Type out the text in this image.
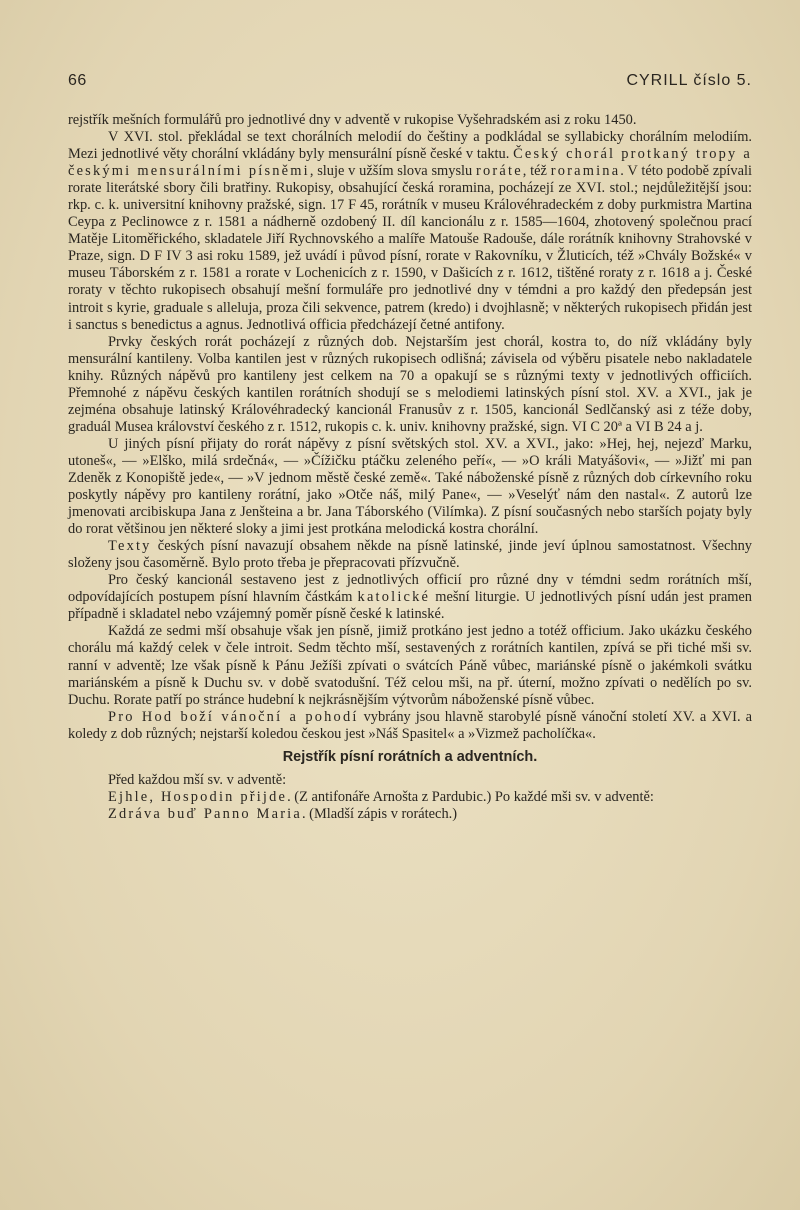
66	CYRILL číslo 5.

rejstřík mešních formulářů pro jednotlivé dny v adventě v rukopise Vyšehradském asi z roku 1450.

V XVI. stol. překládal se text chorálních melodií do češtiny a podkládal se syllabicky chorálním melodiím. Mezi jednotlivé věty chorální vkládány byly mensurální písně české v taktu. Český chorál protkaný tropy a českými mensurálními písněmi, sluje v užším slova smyslu roráte, též roramina. V této podobě zpívali rorate literátské sbory čili bratřiny. Rukopisy, obsahující česká roramina, pocházejí ze XVI. stol.; nejdůležitější jsou: rkp. c. k. universitní knihovny pražské, sign. 17 F 45, rorátník v museu Královéhradeckém z doby purkmistra Martina Ceypa z Peclinowce z r. 1581 a nádherně ozdobený II. díl kancionálu z r. 1585—1604, zhotovený společnou prací Matěje Litoměřického, skladatele Jiří Rychnovského a malíře Matouše Radouše, dále rorátník knihovny Strahovské v Praze, sign. D F IV 3 asi roku 1589, jež uvádí i původ písní, rorate v Rakovníku, v Žluticích, též »Chvály Božské« v museu Táborském z r. 1581 a rorate v Lochenicích z r. 1590, v Dašicích z r. 1612, tištěné roraty z r. 1618 a j. České roraty v těchto rukopisech obsahují mešní formuláře pro jednotlivé dny v témdni a pro každý den předepsán jest introit s kyrie, graduale s alleluja, proza čili sekvence, patrem (kredo) i dvojhlasně; v některých rukopisech přidán jest i sanctus s benedictus a agnus. Jednotlivá officia předcházejí četné antifony.

Prvky českých rorát pocházejí z různých dob. Nejstarším jest chorál, kostra to, do níž vkládány byly mensurální kantileny. Volba kantilen jest v různých rukopisech odlišná; závisela od výběru pisatele nebo nakladatele knihy. Různých nápěvů pro kantileny jest celkem na 70 a opakují se s různými texty v jednotlivých officiích. Přemnohé z nápěvu českých kantilen rorátních shodují se s melodiemi latinských písní stol. XV. a XVI., jak je zejména obsahuje latinský Královéhradecký kancionál Franusův z r. 1505, kancionál Sedlčanský asi z téže doby, graduál Musea království českého z r. 1512, rukopis c. k. univ. knihovny pražské, sign. VI C 20ª a VI B 24 a j.

U jiných písní přijaty do rorát nápěvy z písní světských stol. XV. a XVI., jako: »Hej, hej, nejezď Marku, utoneš«, — »Elško, milá srdečná«, — »Čížičku ptáčku zeleného peří«, — »O králi Matyášovi«, — »Jižť mi pan Zdeněk z Konopiště jede«, — »V jednom městě české země«. Také náboženské písně z různých dob církevního roku poskytly nápěvy pro kantileny rorátní, jako »Otče náš, milý Pane«, — »Veselýť nám den nastal«. Z autorů lze jmenovati arcibiskupa Jana z Jenšteina a br. Jana Táborského (Vilímka). Z písní současných nebo starších pojaty byly do rorat většinou jen některé sloky a jimi jest protkána melodická kostra chorální.

Texty českých písní navazují obsahem někde na písně latinské, jinde jeví úplnou samostatnost. Všechny složeny jsou časoměrně. Bylo proto třeba je přepracovati přízvučně.

Pro český kancionál sestaveno jest z jednotlivých officií pro různé dny v témdni sedm rorátních mší, odpovídajících postupem písní hlavním částkám katolické mešní liturgie. U jednotlivých písní udán jest pramen případně i skladatel nebo vzájemný poměr písně české k latinské.

Každá ze sedmi mší obsahuje však jen písně, jimiž protkáno jest jedno a totéž officium. Jako ukázku českého chorálu má každý celek v čele introit. Sedm těchto mší, sestavených z rorátních kantilen, zpívá se při tiché mši sv. ranní v adventě; lze však písně k Pánu Ježíši zpívati o svátcích Páně vůbec, mariánské písně o jakémkoli svátku mariánském a písně k Duchu sv. v době svatodušní. Též celou mši, na př. úterní, možno zpívati o nedělích po sv. Duchu. Rorate patří po stránce hudební k nejkrásnějším výtvorům náboženské písně vůbec.

Pro Hod boží vánoční a pohodí vybrány jsou hlavně starobylé písně vánoční století XV. a XVI. a koledy z dob různých; nejstarší koledou českou jest »Náš Spasitel« a »Vizmež pacholíčka«.

Rejstřík písní rorátních a adventních.

Před každou mší sv. v adventě:

Ejhle, Hospodin přijde. (Z antifonáře Arnošta z Pardubic.) Po každé mši sv. v adventě:

Zdráva buď Panno Maria. (Mladší zápis v rorátech.)
